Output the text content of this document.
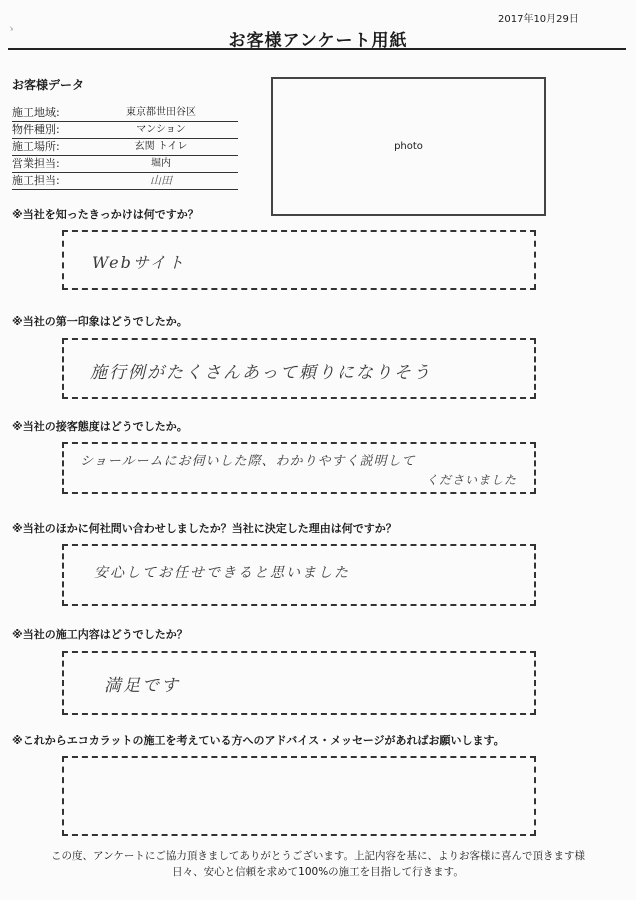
ゝ
2017年10月29日
お客様アンケート用紙
お客様データ
施工地域:	東京都世田谷区
物件種別:	マンション
施工場所:	玄関 トイレ
営業担当:	堀内
施工担当:	山田
photo
※当社を知ったきっかけは何ですか？
Webサイト
※当社の第一印象はどうでしたか。
施行例がたくさんあって頼りになりそう
※当社の接客態度はどうでしたか。
ショールームにお伺いした際、わかりやすく説明して
くださいました
※当社のほかに何社問い合わせしましたか？当社に決定した理由は何ですか？
安心してお任せできると思いました
※当社の施工内容はどうでしたか？
満足です
※これからエコカラットの施工を考えている方へのアドバイス・メッセージがあればお願いします。
この度、アンケートにご協力頂きましてありがとうございます。上記内容を基に、よりお客様に喜んで頂きます様
日々、安心と信頼を求めて100%の施工を目指して行きます。
